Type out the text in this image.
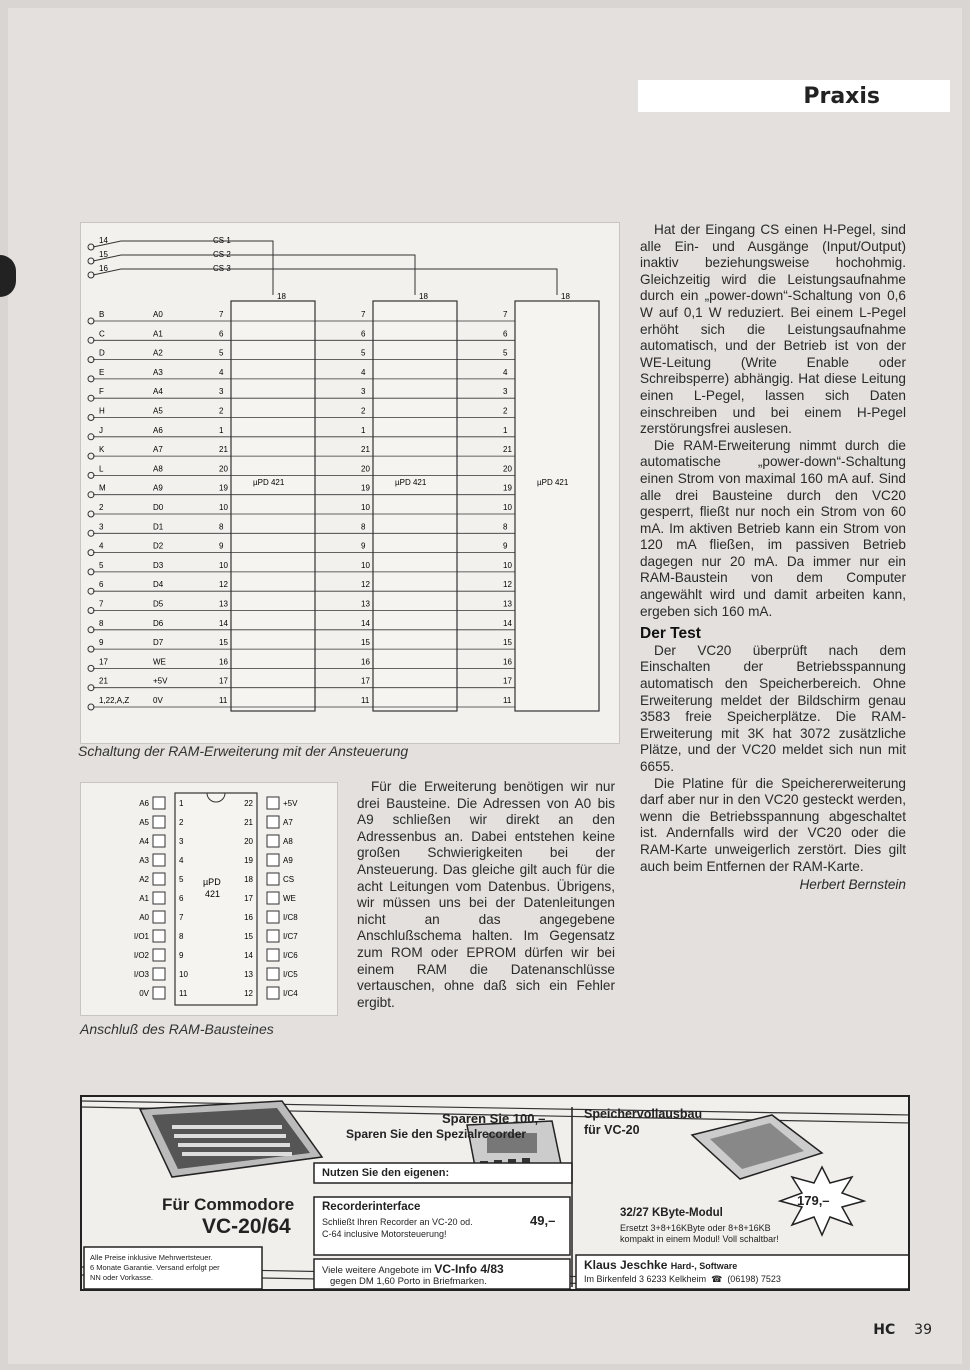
Praxis
14	CS 1
18
15	CS 2
18
16	CS 3
18
µPD 421	µPD 421	µPD 421
B	A0	7	7	7
C	A1	6	6	6
D	A2	5	5	5
E	A3	4	4	4
F	A4	3	3	3
H	A5	2	2	2
J	A6	1	1	1
K	A7	21	21	21
L	A8	20	20	20
M	A9	19	19	19
2	D0	10	10	10
3	D1	8	8	8
4	D2	9	9	9
5	D3	10	10	10
6	D4	12	12	12
7	D5	13	13	13
8	D6	14	14	14
9	D7	15	15	15
17	WE	16	16	16
21	+5V	17	17	17
1,22,A,Z	0V	11	11	11
Schaltung der RAM-Erweiterung mit der Ansteuerung
µPD
421
A6	1	22	+5V
A5	2	21	A7
A4	3	20	A8
A3	4	19	A9
A2	5	18	CS
A1	6	17	WE
A0	7	16	I/C8
I/O1	8	15	I/C7
I/O2	9	14	I/C6
I/O3	10	13	I/C5
0V	11	12	I/C4
Anschluß des RAM-Bausteines

Für die Erweiterung benötigen wir nur drei Bausteine. Die Adressen von A0 bis A9 schließen wir direkt an den Adressenbus an. Dabei entstehen keine großen Schwierigkeiten bei der Ansteuerung. Das gleiche gilt auch für die acht Leitungen vom Datenbus. Übrigens, wir müssen uns bei der Datenleitungen nicht an das angegebene Anschlußschema halten. Im Gegensatz zum ROM oder EPROM dürfen wir bei einem RAM die Datenanschlüsse vertauschen, ohne daß sich ein Fehler ergibt.

Hat der Eingang CS einen H-Pegel, sind alle Ein- und Ausgänge (Input/Output) inaktiv beziehungsweise hochohmig. Gleichzeitig wird die Leistungsaufnahme durch ein „power-down“-Schaltung von 0,6 W auf 0,1 W reduziert. Bei einem L-Pegel erhöht sich die Leistungsaufnahme automatisch, und der Betrieb ist von der WE-Leitung (Write Enable oder Schreibsperre) abhängig. Hat diese Leitung einen L-Pegel, lassen sich Daten einschreiben und bei einem H-Pegel zerstörungsfrei auslesen.

Die RAM-Erweiterung nimmt durch die automatische „power-down“-Schaltung einen Strom von maximal 160 mA auf. Sind alle drei Bausteine durch den VC20 gesperrt, fließt nur noch ein Strom von 60 mA. Im aktiven Betrieb kann ein Strom von 120 mA fließen, im passiven Betrieb dagegen nur 20 mA. Da immer nur ein RAM-Baustein von dem Computer angewählt wird und damit arbeiten kann, ergeben sich 160 mA.

Der Test

Der VC20 überprüft nach dem Einschalten der Betriebsspannung automatisch den Speicherbereich. Ohne Erweiterung meldet der Bildschirm genau 3583 freie Speicherplätze. Die RAM-Erweiterung mit 3K hat 3072 zusätzliche Plätze, und der VC20 meldet sich nun mit 6655.

Die Platine für die Speichererweiterung darf aber nur in den VC20 gesteckt werden, wenn die Betriebsspannung abgeschaltet ist. Andernfalls wird der VC20 oder die RAM-Karte unweigerlich zerstört. Dies gilt auch beim Entfernen der RAM-Karte.

Herbert Bernstein
Für Commodore
VC-20/64
Sparen Sie 100,–
Sparen Sie den Spezialrecorder
Nutzen Sie den eigenen:
Recorderinterface
Schließt Ihren Recorder an VC-20 od.
C-64 inclusive Motorsteuerung!
49,–
Speichervollausbau
für VC-20
179,–
32/27 KByte-Modul
Ersetzt 3+8+16KByte oder 8+8+16KB
kompakt in einem Modul! Voll schaltbar!
Alle Preise inklusive Mehrwertsteuer.
6 Monate Garantie. Versand erfolgt per
NN oder Vorkasse.
Viele weitere Angebote im VC-Info 4/83
gegen DM 1,60 Porto in Briefmarken.
Klaus Jeschke Hard-, Software
Im Birkenfeld 3 6233 Kelkheim  ☎  (06198) 7523
HC 39
